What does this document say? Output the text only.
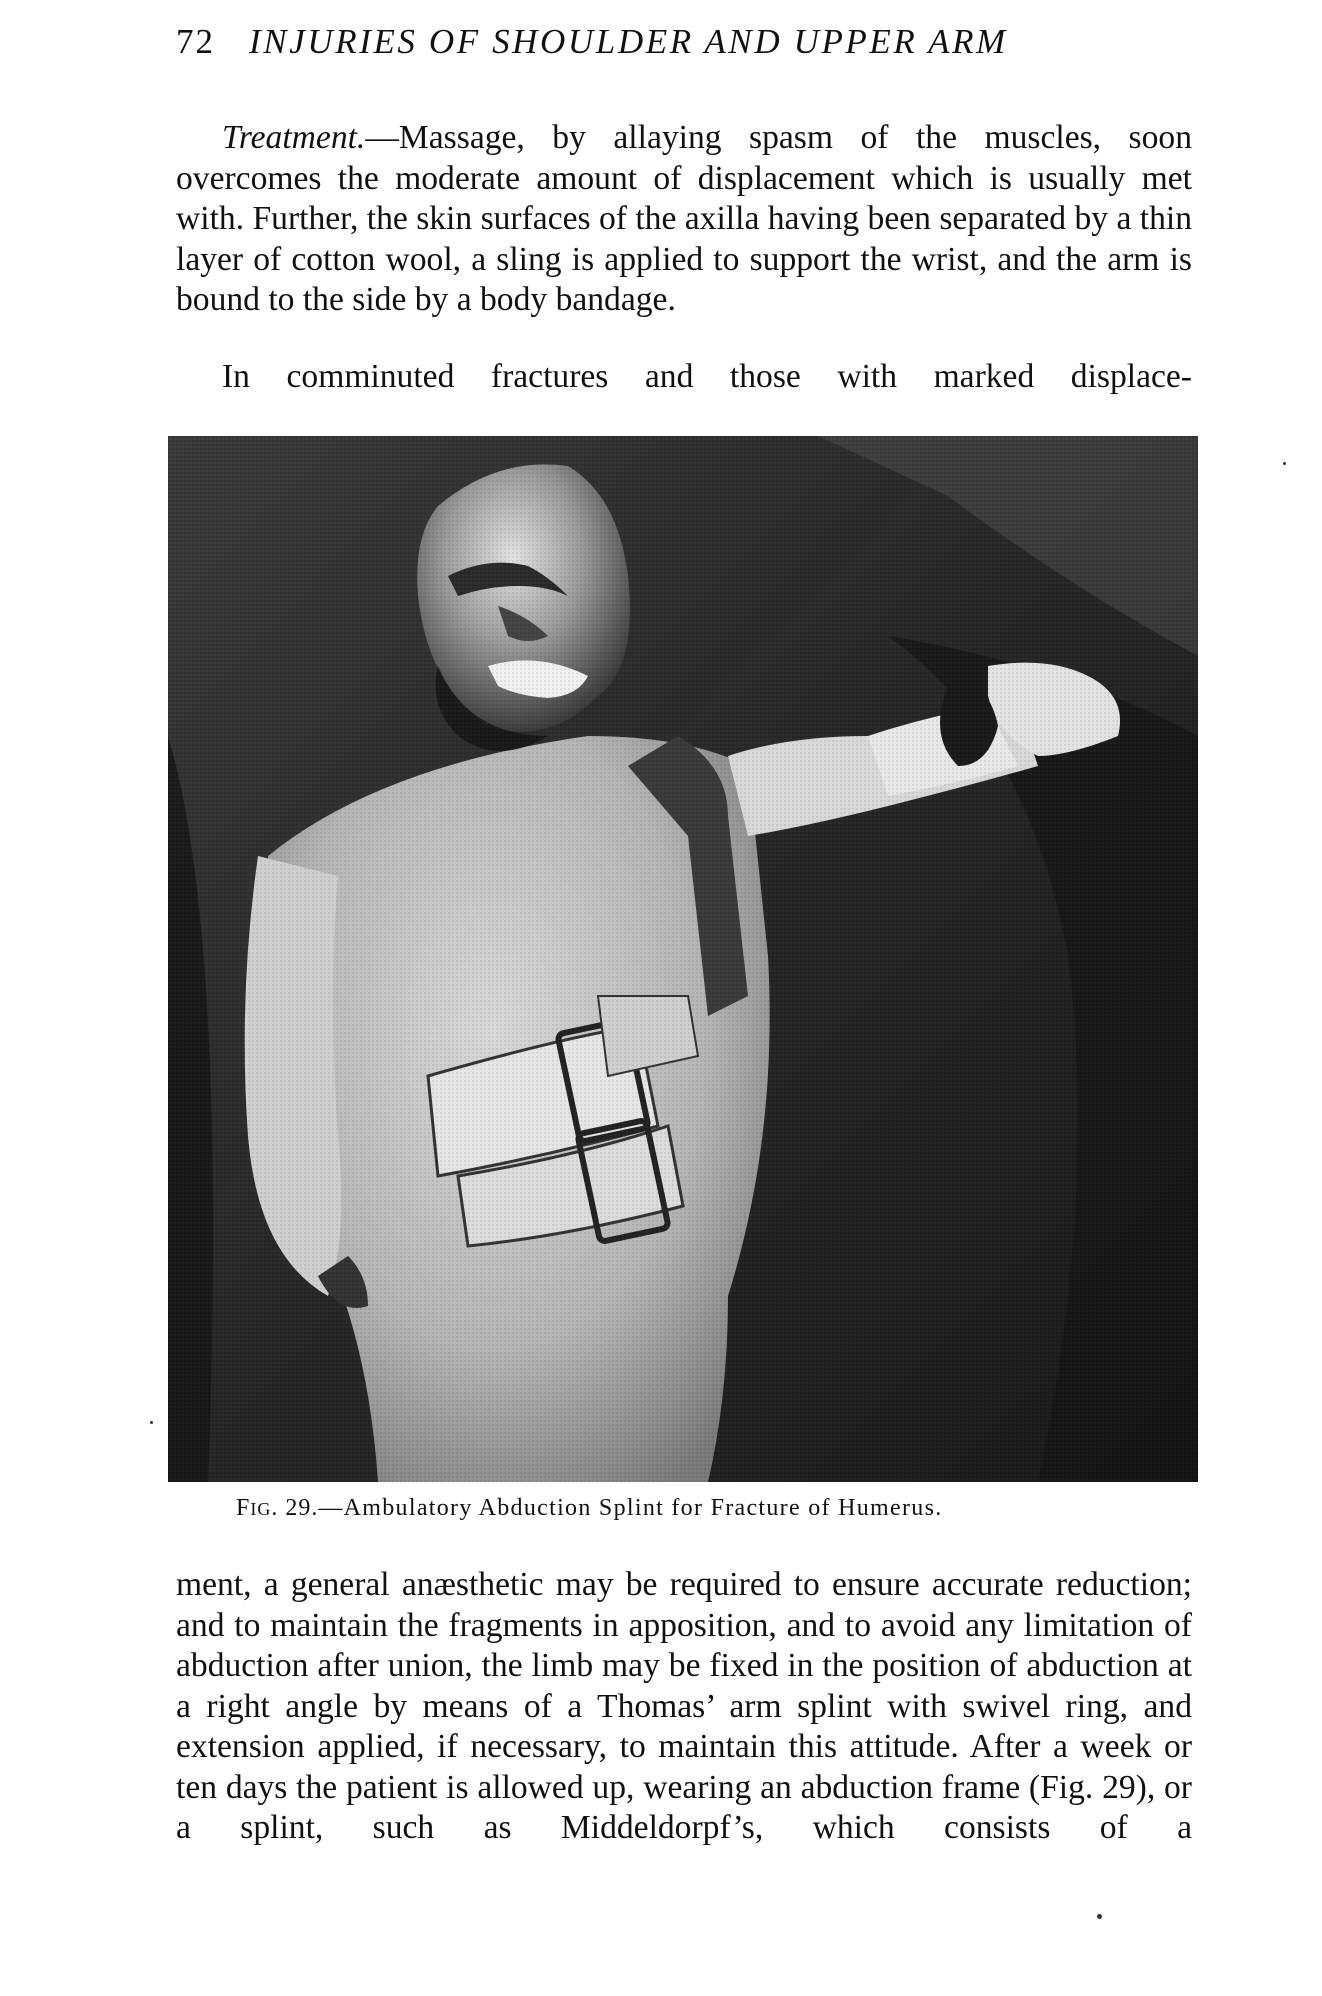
72 INJURIES OF SHOULDER AND UPPER ARM

Treatment.—Massage, by allaying spasm of the muscles, soon overcomes the moderate amount of displacement which is usually met with. Further, the skin surfaces of the axilla having been separated by a thin layer of cotton wool, a sling is applied to support the wrist, and the arm is bound to the side by a body bandage.

In comminuted fractures and those with marked displace-

FIG. 29.—Ambulatory Abduction Splint for Fracture of Humerus.

ment, a general anæsthetic may be required to ensure accurate reduction; and to maintain the fragments in apposition, and to avoid any limitation of abduction after union, the limb may be fixed in the position of abduction at a right angle by means of a Thomas’ arm splint with swivel ring, and extension applied, if necessary, to maintain this attitude. After a week or ten days the patient is allowed up, wearing an abduction frame (Fig. 29), or a splint, such as Middeldorpf’s, which consists of a
